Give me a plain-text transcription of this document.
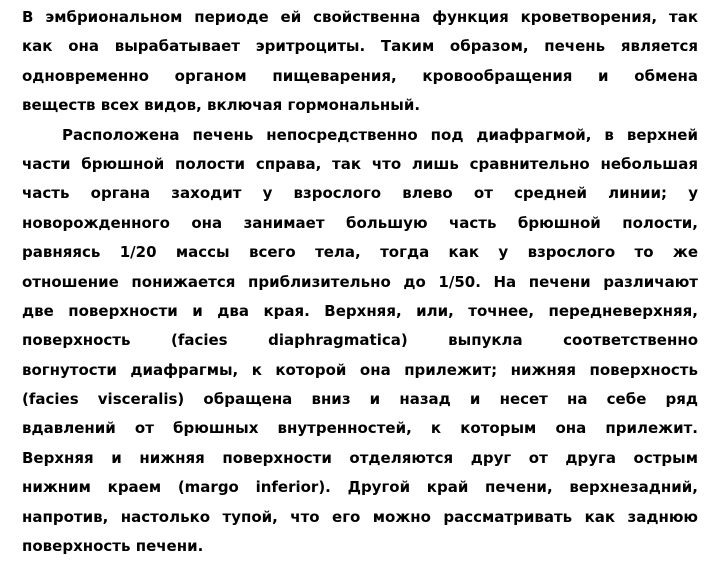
В эмбриональном периоде ей свойственна функция кроветворения, так
как она вырабатывает эритроциты. Таким образом, печень является
одновременно органом пищеварения, кровообращения и обмена
веществ всех видов, включая гормональный.
Расположена печень непосредственно под диафрагмой, в верхней
части брюшной полости справа, так что лишь сравнительно небольшая
часть органа заходит у взрослого влево от средней линии; у
новорожденного она занимает большую часть брюшной полости,
равняясь 1/20 массы всего тела, тогда как у взрослого то же
отношение понижается приблизительно до 1/50. На печени различают
две поверхности и два края. Верхняя, или, точнее, передневерхняя,
поверхность (facies diaphragmatica) выпукла соответственно
вогнутости диафрагмы, к которой она прилежит; нижняя поверхность
(facies visceralis) обращена вниз и назад и несет на себе ряд
вдавлений от брюшных внутренностей, к которым она прилежит.
Верхняя и нижняя поверхности отделяются друг от друга острым
нижним краем (margo inferior). Другой край печени, верхнезадний,
напротив, настолько тупой, что его можно рассматривать как заднюю
поверхность печени.
